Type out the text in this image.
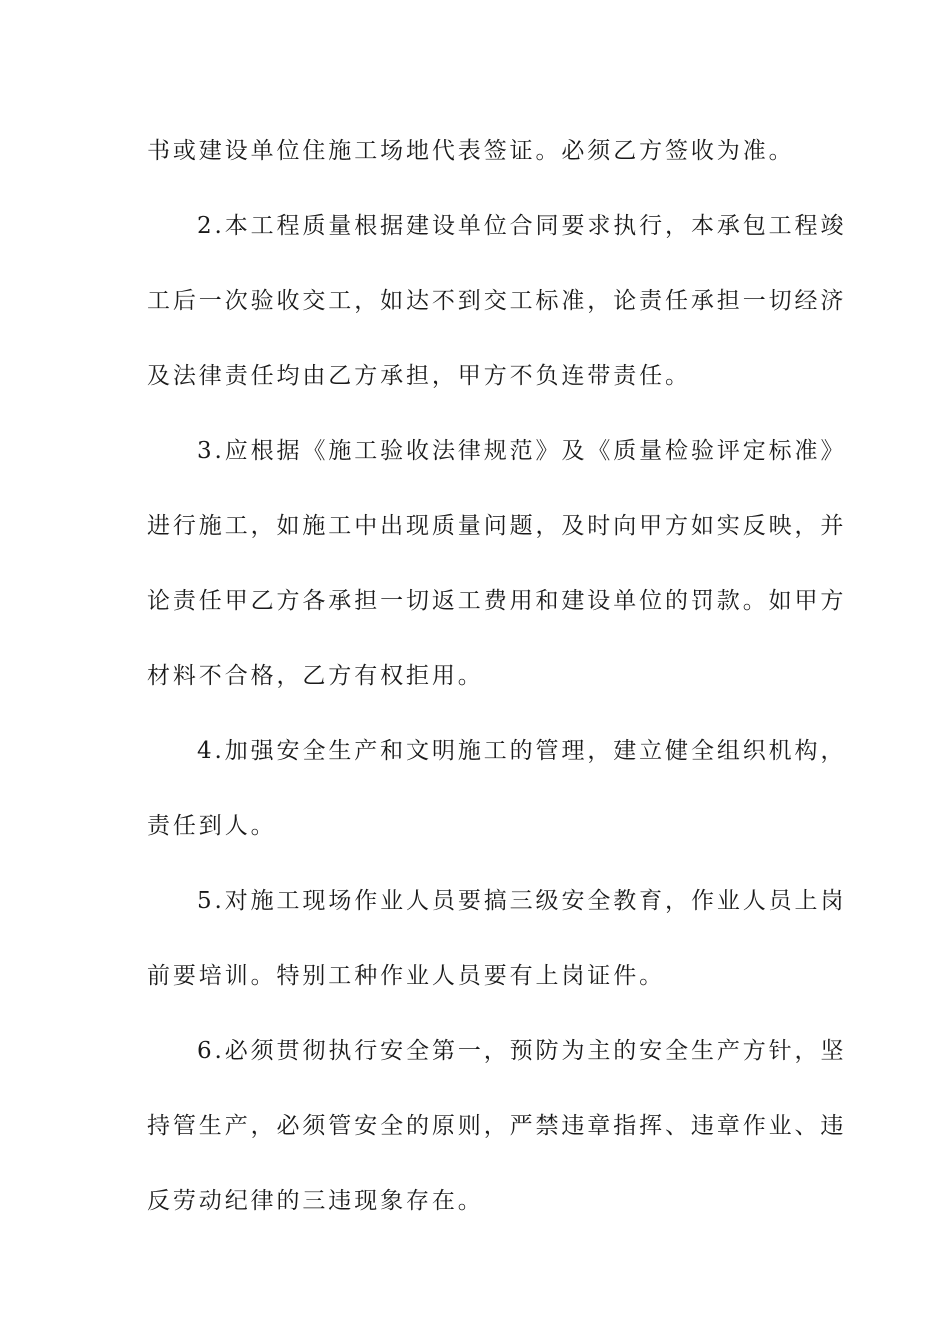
书或建设单位住施工场地代表签证。必须乙方签收为准。
2.本工程质量根据建设单位合同要求执行，本承包工程竣
工后一次验收交工，如达不到交工标准，论责任承担一切经济
及法律责任均由乙方承担，甲方不负连带责任。
3.应根据《施工验收法律规范》及《质量检验评定标准》
进行施工，如施工中出现质量问题，及时向甲方如实反映，并
论责任甲乙方各承担一切返工费用和建设单位的罚款。如甲方
材料不合格，乙方有权拒用。
4.加强安全生产和文明施工的管理，建立健全组织机构，
责任到人。
5.对施工现场作业人员要搞三级安全教育，作业人员上岗
前要培训。特别工种作业人员要有上岗证件。
6.必须贯彻执行安全第一，预防为主的安全生产方针，坚
持管生产，必须管安全的原则，严禁违章指挥、违章作业、违
反劳动纪律的三违现象存在。
